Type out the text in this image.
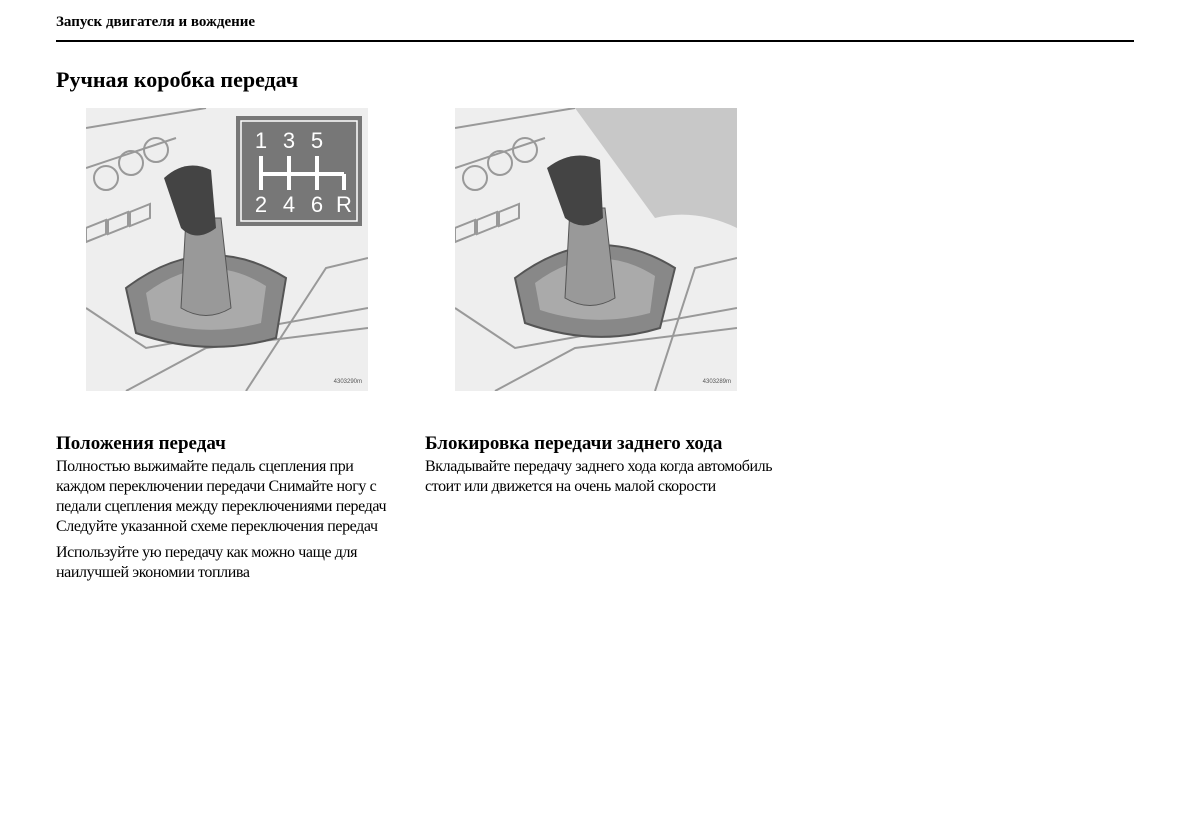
Запуск двигателя и вождение
Ручная коробка передач
1 3 5
2 4 6 R
4303290m	4303289m
Положения передач

Полностью выжимайте педаль сцепления при каждом переключении передачи Снимайте ногу с педали сцепления между переключениями передач Следуйте указанной схеме переключения передач

Используйте ую передачу как можно чаще для наилучшей экономии топлива

Блокировка передачи заднего хода

Вкладывайте передачу заднего хода когда автомобиль стоит или движется на очень малой скорости
